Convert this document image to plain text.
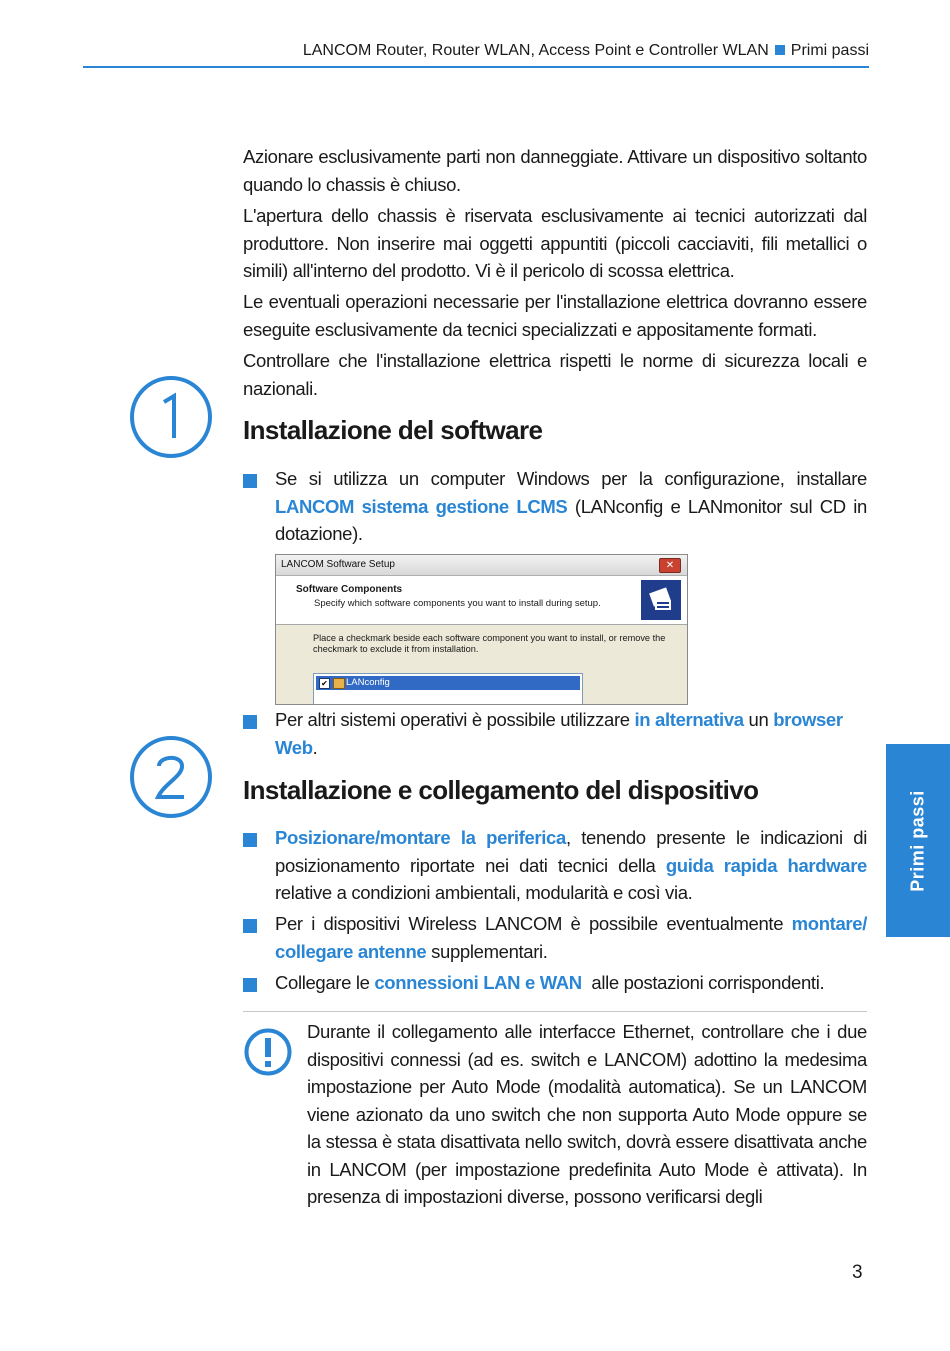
LANCOM Router, Router WLAN, Access Point e Controller WLAN Primi passi

Azionare esclusivamente parti non danneggiate. Attivare un dispositivo soltanto quando lo chassis è chiuso.

L'apertura dello chassis è riservata esclusivamente ai tecnici autorizzati dal produttore. Non inserire mai oggetti appuntiti (piccoli cacciaviti, fili metallici o simili) all'interno del prodotto. Vi è il pericolo di scossa elettrica.

Le eventuali operazioni necessarie per l'installazione elettrica dovranno essere eseguite esclusivamente da tecnici specializzati e appositamente formati.

Controllare che l'installazione elettrica rispetti le norme di sicurezza locali e nazionali.

Installazione del software
Se si utilizza un computer Windows per la configurazione, installare LANCOM sistema gestione LCMS (LANconfig e LANmonitor sul CD in dotazione).
LANCOM Software Setup	✕
Software Components
Specify which software components you want to install during setup.
Place a checkmark beside each software component you want to install, or remove the checkmark to exclude it from installation.
✔ LANconfig
Per altri sistemi operativi è possibile utilizzare in alternativa un browser Web.
Installazione e collegamento del dispositivo
Posizionare/montare la periferica, tenendo presente le indicazioni di posizionamento riportate nei dati tecnici della guida rapida hardware relative a condizioni ambientali, modularità e così via.
Per i dispositivi Wireless LANCOM è possibile eventualmente montare/ collegare antenne supplementari.
Collegare le connessioni LAN e WAN  alle postazioni corrispondenti.

Durante il collegamento alle interfacce Ethernet, controllare che i due dispositivi connessi (ad es. switch e LANCOM) adottino la medesima impostazione per Auto Mode (modalità automatica). Se un LANCOM viene azionato da uno switch che non supporta Auto Mode oppure se la stessa è stata disattivata nello switch, dovrà essere disattivata anche in LANCOM (per impostazione predefinita Auto Mode è attivata). In presenza di impostazioni diverse, possono verificarsi degli

Primi passi
3
